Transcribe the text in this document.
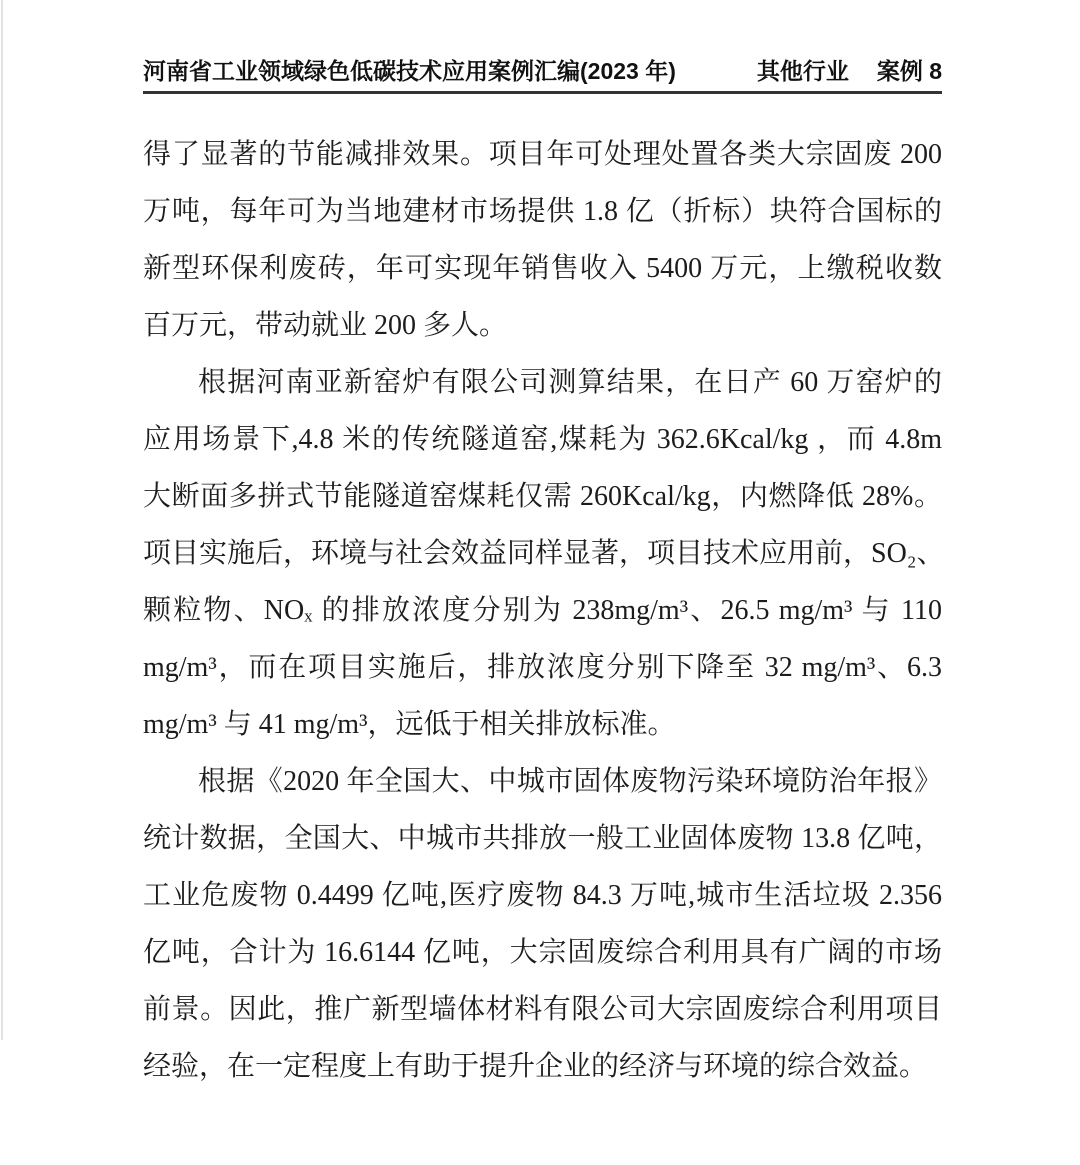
河南省工业领域绿色低碳技术应用案例汇编(2023 年)	其他行业 案例 8
得了显著的节能减排效果。项目年可处理处置各类大宗固废 200
万吨，每年可为当地建材市场提供 1.8 亿（折标）块符合国标的
新型环保利废砖，年可实现年销售收入 5400 万元，上缴税收数
百万元，带动就业 200 多人。
根据河南亚新窑炉有限公司测算结果，在日产 60 万窑炉的
应用场景下,4.8 米的传统隧道窑,煤耗为 362.6Kcal/kg ，而 4.8m
大断面多拼式节能隧道窑煤耗仅需 260Kcal/kg，内燃降低 28%。
项目实施后，环境与社会效益同样显著，项目技术应用前，SO₂、
颗粒物、NOₓ 的排放浓度分别为 238mg/m³、26.5 mg/m³ 与 110
mg/m³，而在项目实施后，排放浓度分别下降至 32 mg/m³、6.3
mg/m³ 与 41 mg/m³，远低于相关排放标准。
根据《2020 年全国大、中城市固体废物污染环境防治年报》
统计数据，全国大、中城市共排放一般工业固体废物 13.8 亿吨，
工业危废物 0.4499 亿吨,医疗废物 84.3 万吨,城市生活垃圾 2.356
亿吨，合计为 16.6144 亿吨，大宗固废综合利用具有广阔的市场
前景。因此，推广新型墙体材料有限公司大宗固废综合利用项目
经验，在一定程度上有助于提升企业的经济与环境的综合效益。
